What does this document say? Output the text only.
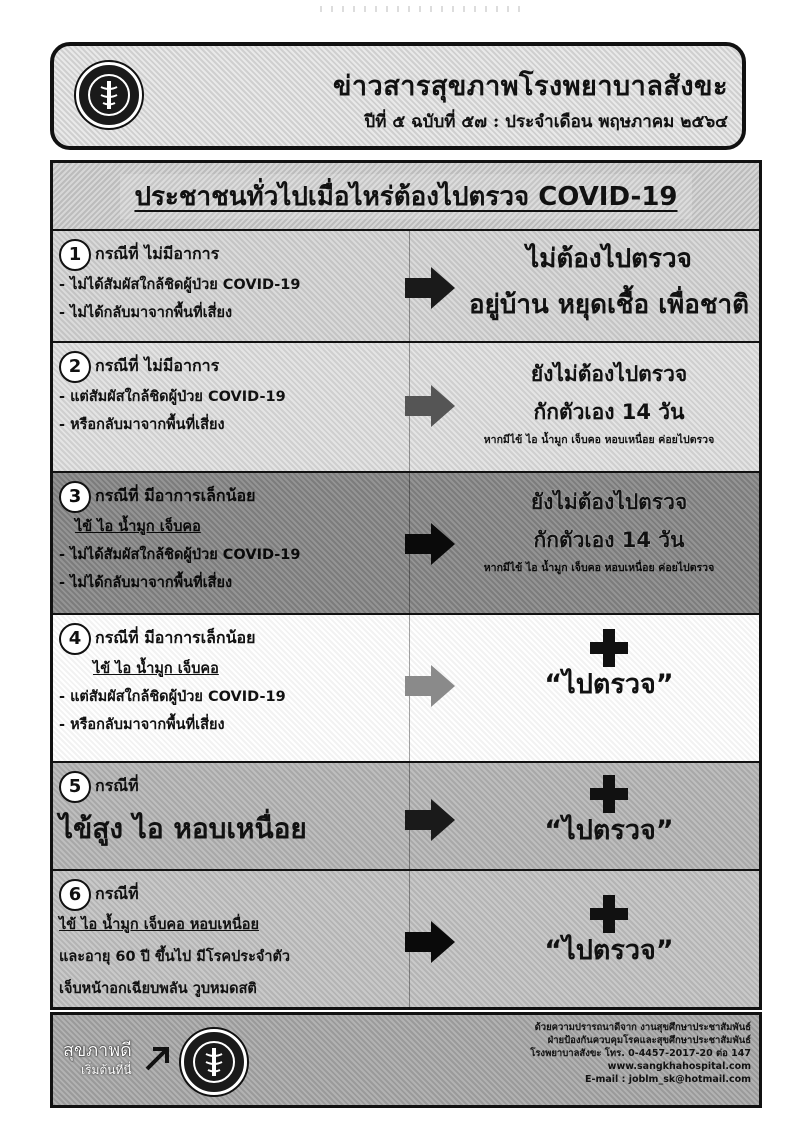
ข่าวสารสุขภาพโรงพยาบาลสังขะ
ปีที่ ๕ ฉบับที่ ๕๗ : ประจำเดือน พฤษภาคม ๒๕๖๔
ประชาชนทั่วไปเมื่อไหร่ต้องไปตรวจ COVID-19
1 กรณีที่ ไม่มีอาการ
- ไม่ได้สัมผัสใกล้ชิดผู้ป่วย COVID-19
- ไม่ได้กลับมาจากพื้นที่เสี่ยง
ไม่ต้องไปตรวจ
อยู่บ้าน หยุดเชื้อ เพื่อชาติ
2 กรณีที่ ไม่มีอาการ
- แต่สัมผัสใกล้ชิดผู้ป่วย COVID-19
- หรือกลับมาจากพื้นที่เสี่ยง
ยังไม่ต้องไปตรวจ
กักตัวเอง 14 วัน
หากมีไข้ ไอ น้ำมูก เจ็บคอ หอบเหนื่อย ค่อยไปตรวจ
3 กรณีที่ มีอาการเล็กน้อย
ไข้ ไอ น้ำมูก เจ็บคอ
- ไม่ได้สัมผัสใกล้ชิดผู้ป่วย COVID-19
- ไม่ได้กลับมาจากพื้นที่เสี่ยง
ยังไม่ต้องไปตรวจ
กักตัวเอง 14 วัน
หากมีไข้ ไอ น้ำมูก เจ็บคอ หอบเหนื่อย ค่อยไปตรวจ
4 กรณีที่ มีอาการเล็กน้อย
ไข้ ไอ น้ำมูก เจ็บคอ
- แต่สัมผัสใกล้ชิดผู้ป่วย COVID-19
- หรือกลับมาจากพื้นที่เสี่ยง
“ไปตรวจ”
5 กรณีที่
ไข้สูง ไอ หอบเหนื่อย	“ไปตรวจ”
6 กรณีที่
ไข้ ไอ น้ำมูก เจ็บคอ หอบเหนื่อย
และอายุ 60 ปี ขึ้นไป มีโรคประจำตัว
เจ็บหน้าอกเฉียบพลัน วูบหมดสติ
“ไปตรวจ”
สุขภาพดี
เริ่มต้นที่นี่
ด้วยความปรารถนาดีจาก งานสุขศึกษาประชาสัมพันธ์
ฝ่ายป้องกันควบคุมโรคและสุขศึกษาประชาสัมพันธ์
โรงพยาบาลสังขะ โทร. 0-4457-2017-20 ต่อ 147
www.sangkhahospital.com
E-mail : joblm_sk@hotmail.com
